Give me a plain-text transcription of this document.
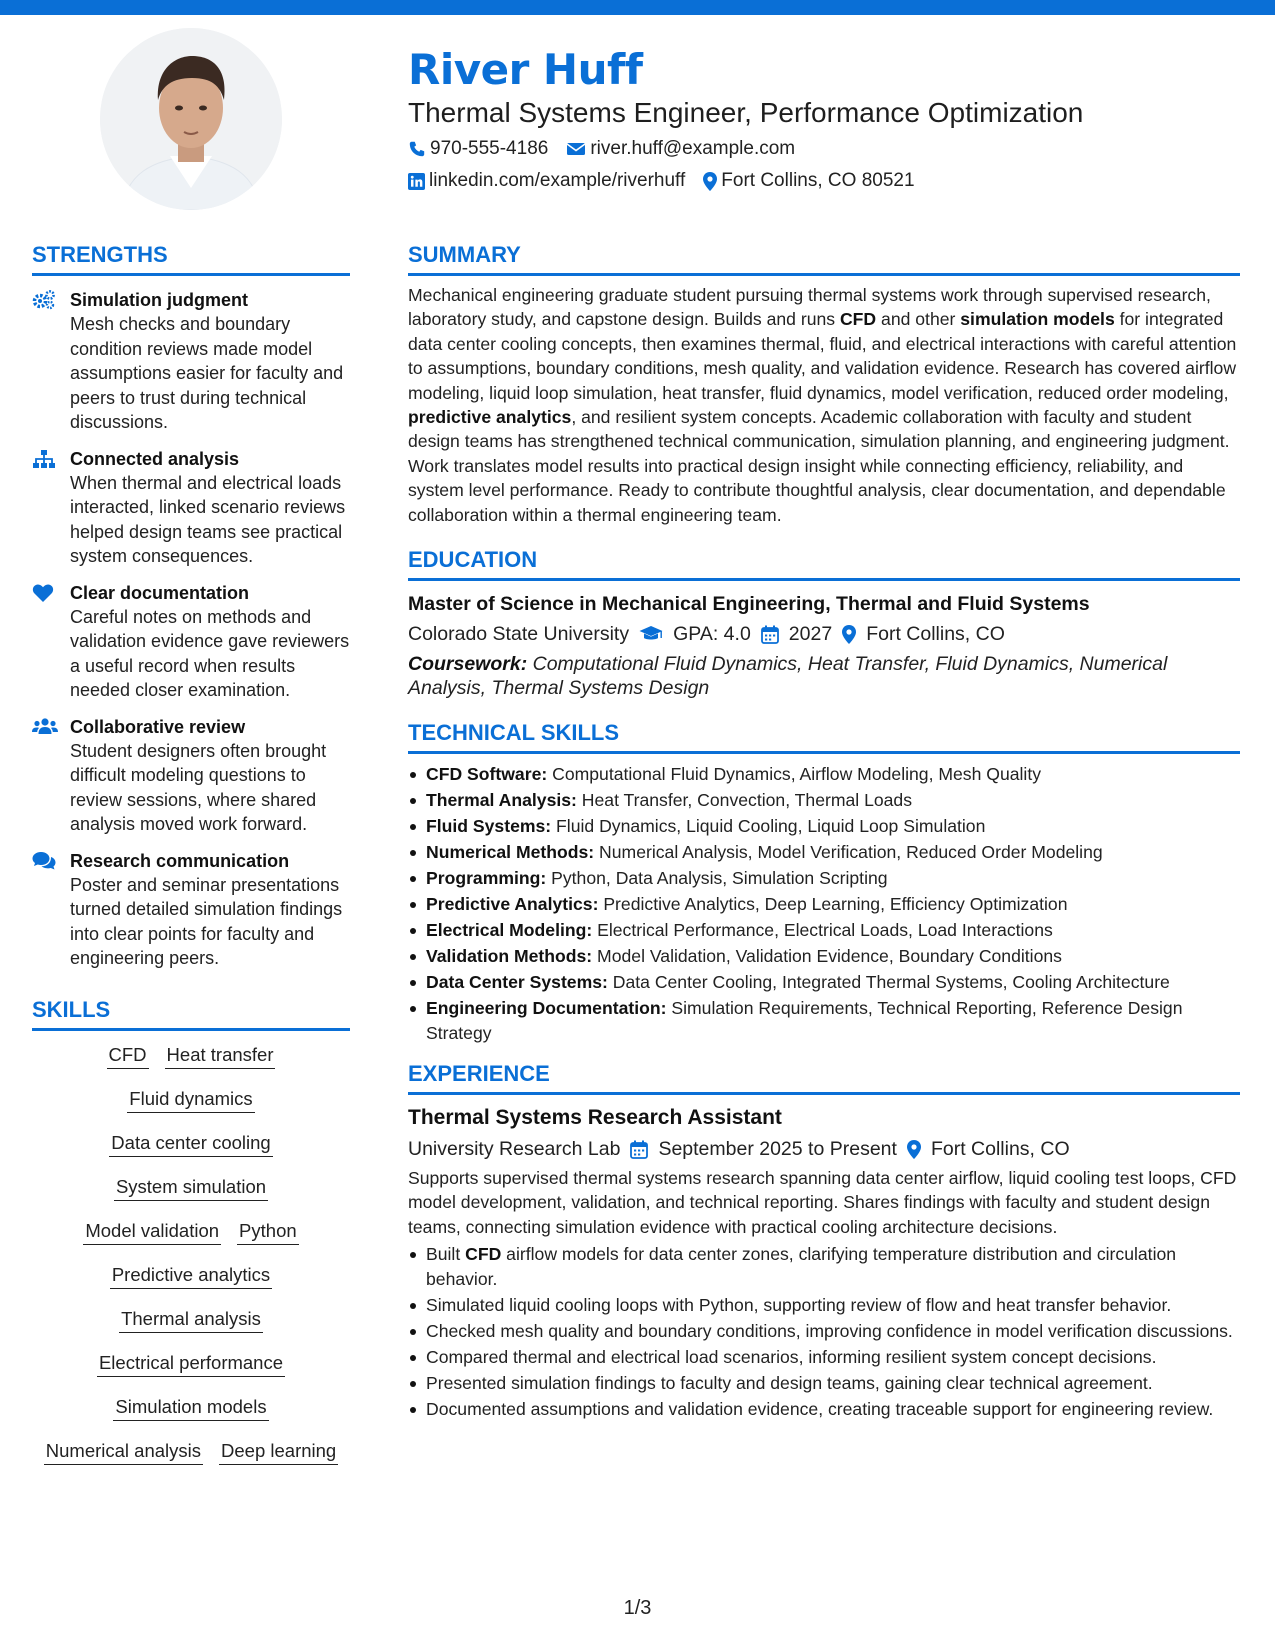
River Huff
Thermal Systems Engineer, Performance Optimization
970-555-4186 river.huff@example.com
linkedin.com/example/riverhuff Fort Collins, CO 80521
STRENGTHS
Simulation judgment
Mesh checks and boundary condition reviews made model assumptions easier for faculty and peers to trust during technical discussions.
Connected analysis
When thermal and electrical loads interacted, linked scenario reviews helped design teams see practical system consequences.
Clear documentation
Careful notes on methods and validation evidence gave reviewers a useful record when results needed closer examination.
Collaborative review
Student designers often brought difficult modeling questions to review sessions, where shared analysis moved work forward.
Research communication
Poster and seminar presentations turned detailed simulation findings into clear points for faculty and engineering peers.
SKILLS
CFD Heat transfer
Fluid dynamics
Data center cooling
System simulation
Model validation Python
Predictive analytics
Thermal analysis
Electrical performance
Simulation models
Numerical analysis Deep learning
SUMMARY
Mechanical engineering graduate student pursuing thermal systems work through supervised research, laboratory study, and capstone design. Builds and runs CFD and other simulation models for integrated data center cooling concepts, then examines thermal, fluid, and electrical interactions with careful attention to assumptions, boundary conditions, mesh quality, and validation evidence. Research has covered airflow modeling, liquid loop simulation, heat transfer, fluid dynamics, model verification, reduced order modeling, predictive analytics, and resilient system concepts. Academic collaboration with faculty and student design teams has strengthened technical communication, simulation planning, and engineering judgment. Work translates model results into practical design insight while connecting efficiency, reliability, and system level performance. Ready to contribute thoughtful analysis, clear documentation, and dependable collaboration within a thermal engineering team.
EDUCATION
Master of Science in Mechanical Engineering, Thermal and Fluid Systems
Colorado State University GPA: 4.0 2027 Fort Collins, CO
Coursework: Computational Fluid Dynamics, Heat Transfer, Fluid Dynamics, Numerical Analysis, Thermal Systems Design
TECHNICAL SKILLS
CFD Software: Computational Fluid Dynamics, Airflow Modeling, Mesh Quality
Thermal Analysis: Heat Transfer, Convection, Thermal Loads
Fluid Systems: Fluid Dynamics, Liquid Cooling, Liquid Loop Simulation
Numerical Methods: Numerical Analysis, Model Verification, Reduced Order Modeling
Programming: Python, Data Analysis, Simulation Scripting
Predictive Analytics: Predictive Analytics, Deep Learning, Efficiency Optimization
Electrical Modeling: Electrical Performance, Electrical Loads, Load Interactions
Validation Methods: Model Validation, Validation Evidence, Boundary Conditions
Data Center Systems: Data Center Cooling, Integrated Thermal Systems, Cooling Architecture
Engineering Documentation: Simulation Requirements, Technical Reporting, Reference Design Strategy
EXPERIENCE
Thermal Systems Research Assistant
University Research Lab September 2025 to Present Fort Collins, CO
Supports supervised thermal systems research spanning data center airflow, liquid cooling test loops, CFD model development, validation, and technical reporting. Shares findings with faculty and student design teams, connecting simulation evidence with practical cooling architecture decisions.
Built CFD airflow models for data center zones, clarifying temperature distribution and circulation behavior.
Simulated liquid cooling loops with Python, supporting review of flow and heat transfer behavior.
Checked mesh quality and boundary conditions, improving confidence in model verification discussions.
Compared thermal and electrical load scenarios, informing resilient system concept decisions.
Presented simulation findings to faculty and design teams, gaining clear technical agreement.
Documented assumptions and validation evidence, creating traceable support for engineering review.
1/3
